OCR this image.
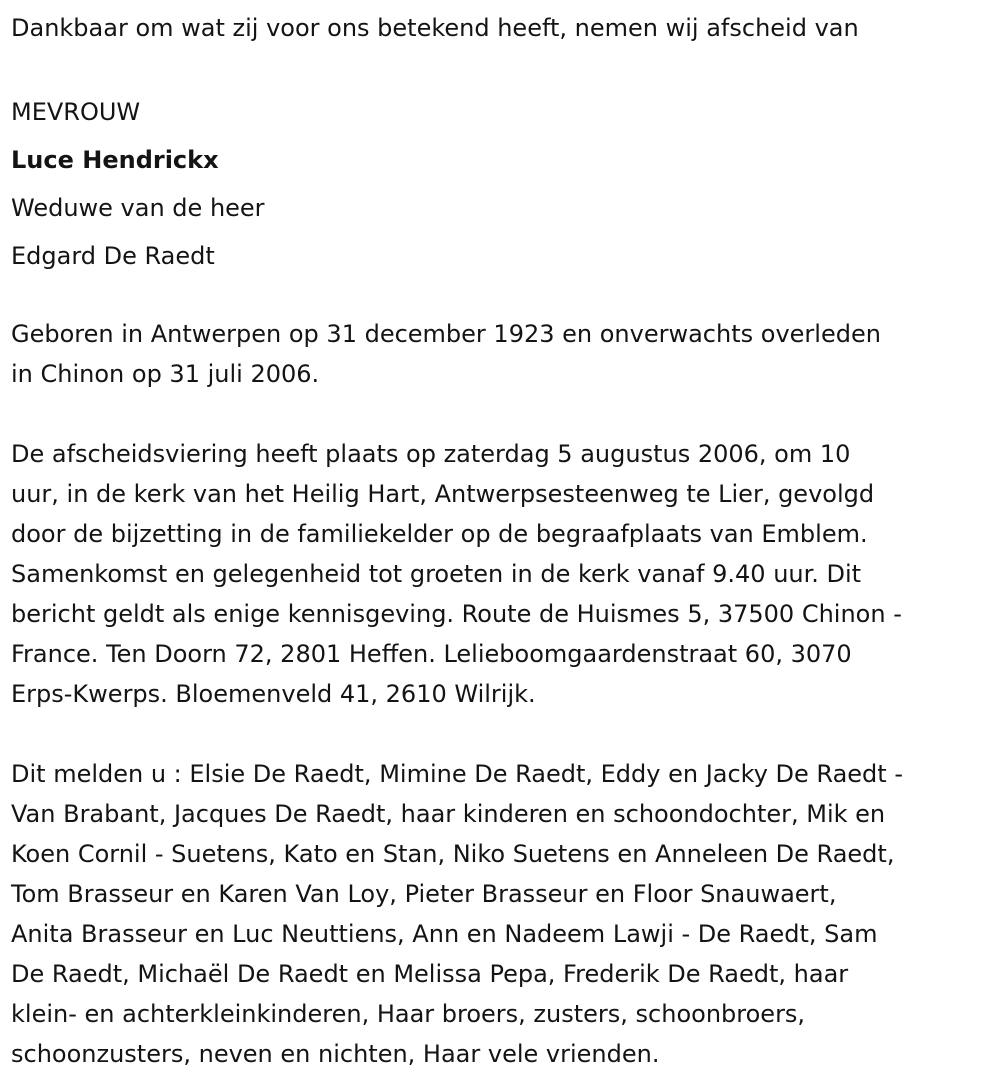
Dankbaar om wat zij voor ons betekend heeft, nemen wij afscheid van

MEVROUW

Luce Hendrickx

Weduwe van de heer

Edgard De Raedt

Geboren in Antwerpen op 31 december 1923 en onverwachts overleden

in Chinon op 31 juli 2006.

De afscheidsviering heeft plaats op zaterdag 5 augustus 2006, om 10

uur, in de kerk van het Heilig Hart, Antwerpsesteenweg te Lier, gevolgd

door de bijzetting in de familiekelder op de begraafplaats van Emblem.

Samenkomst en gelegenheid tot groeten in de kerk vanaf 9.40 uur. Dit

bericht geldt als enige kennisgeving. Route de Huismes 5, 37500 Chinon -

France. Ten Doorn 72, 2801 Heffen. Lelieboomgaardenstraat 60, 3070

Erps-Kwerps. Bloemenveld 41, 2610 Wilrijk.

Dit melden u : Elsie De Raedt, Mimine De Raedt, Eddy en Jacky De Raedt -

Van Brabant, Jacques De Raedt, haar kinderen en schoondochter, Mik en

Koen Cornil - Suetens, Kato en Stan, Niko Suetens en Anneleen De Raedt,

Tom Brasseur en Karen Van Loy, Pieter Brasseur en Floor Snauwaert,

Anita Brasseur en Luc Neuttiens, Ann en Nadeem Lawji - De Raedt, Sam

De Raedt, Michaël De Raedt en Melissa Pepa, Frederik De Raedt, haar

klein- en achterkleinkinderen, Haar broers, zusters, schoonbroers,

schoonzusters, neven en nichten, Haar vele vrienden.
